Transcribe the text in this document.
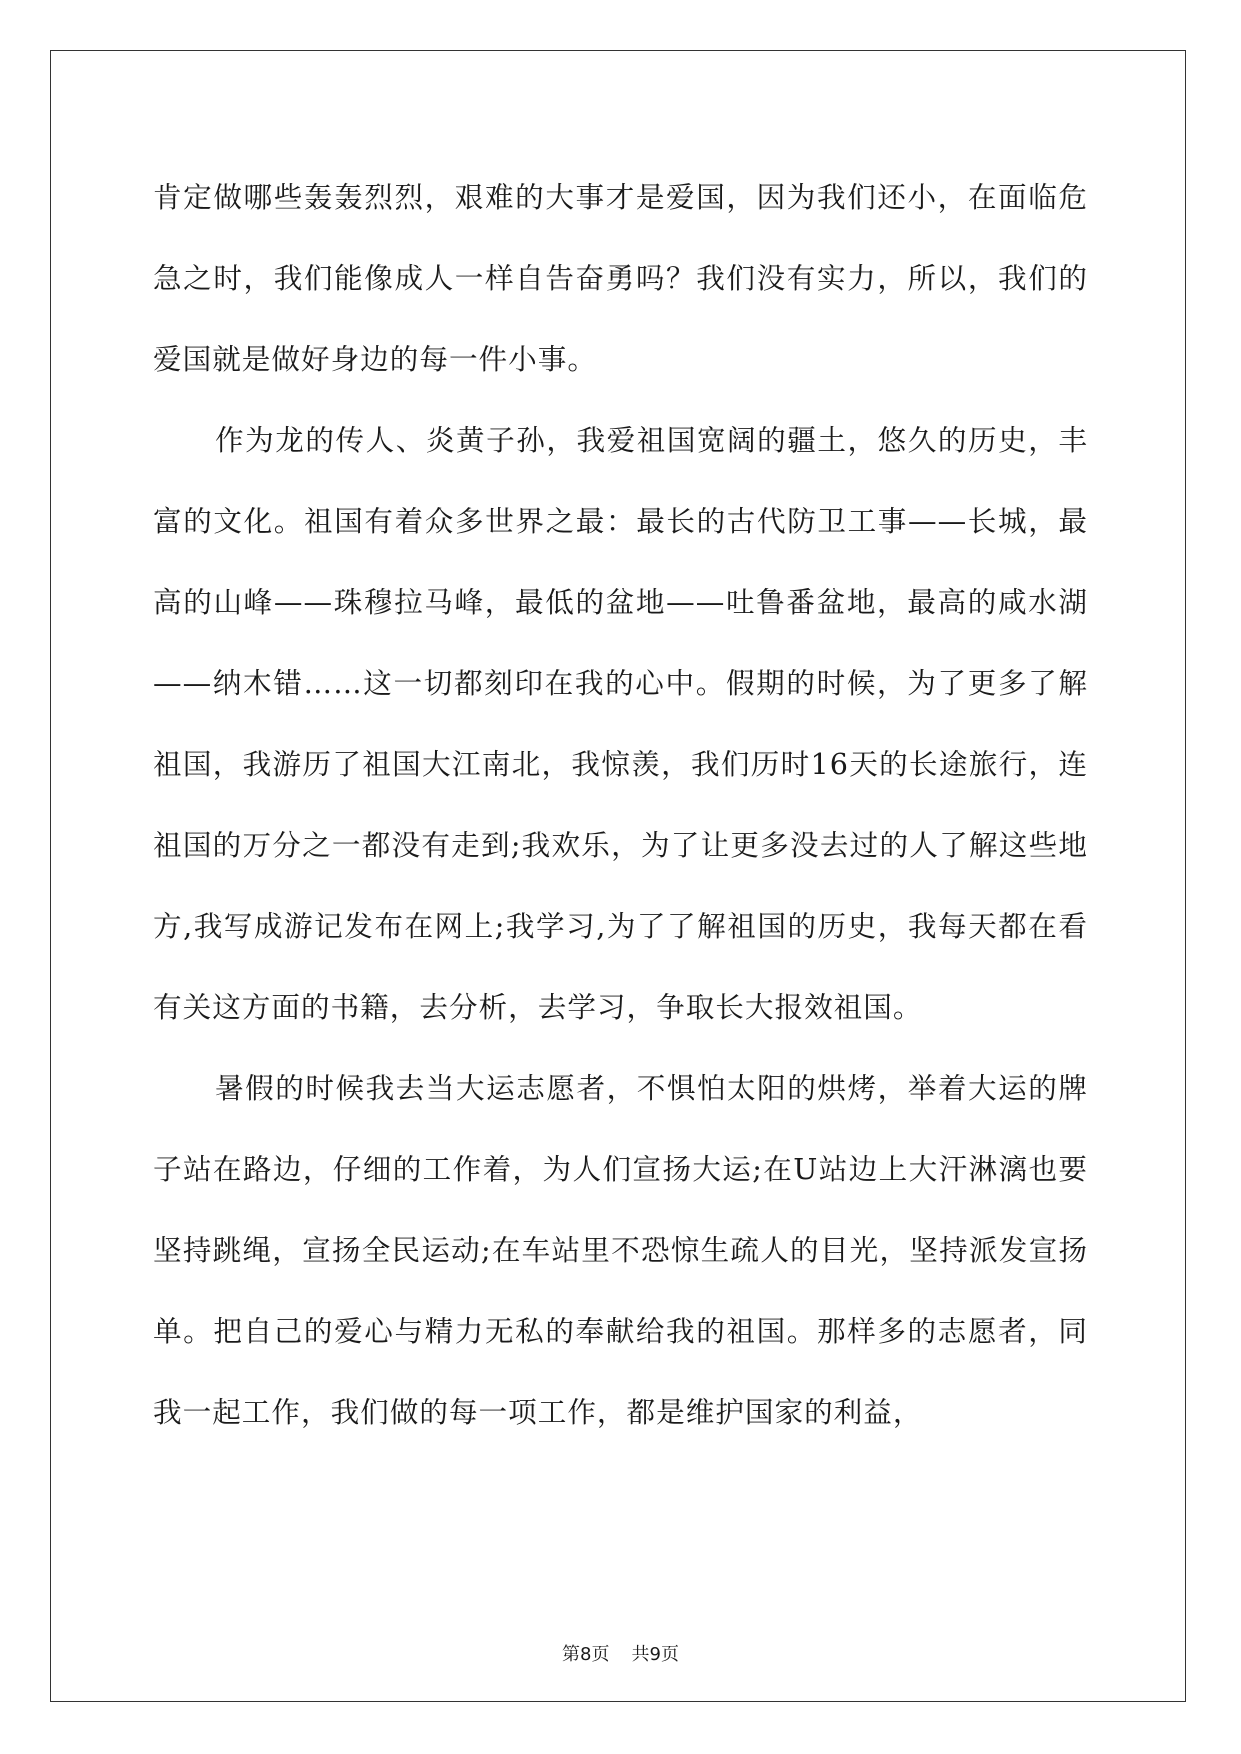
肯定做哪些轰轰烈烈，艰难的大事才是爱国，因为我们还小，在面临危急之时，我们能像成人一样自告奋勇吗？我们没有实力，所以，我们的爱国就是做好身边的每一件小事。

作为龙的传人、炎黄子孙，我爱祖国宽阔的疆土，悠久的历史，丰富的文化。祖国有着众多世界之最：最长的古代防卫工事——长城，最高的山峰——珠穆拉马峰，最低的盆地——吐鲁番盆地，最高的咸水湖——纳木错……这一切都刻印在我的心中。假期的时候，为了更多了解祖国，我游历了祖国大江南北，我惊羡，我们历时16天的长途旅行，连祖国的万分之一都没有走到;我欢乐，为了让更多没去过的人了解这些地方,我写成游记发布在网上;我学习,为了了解祖国的历史，我每天都在看有关这方面的书籍，去分析，去学习，争取长大报效祖国。

暑假的时候我去当大运志愿者，不惧怕太阳的烘烤，举着大运的牌子站在路边，仔细的工作着，为人们宣扬大运;在U站边上大汗淋漓也要坚持跳绳，宣扬全民运动;在车站里不恐惊生疏人的目光，坚持派发宣扬单。把自己的爱心与精力无私的奉献给我的祖国。那样多的志愿者，同我一起工作，我们做的每一项工作，都是维护国家的利益，

第8页 共9页
